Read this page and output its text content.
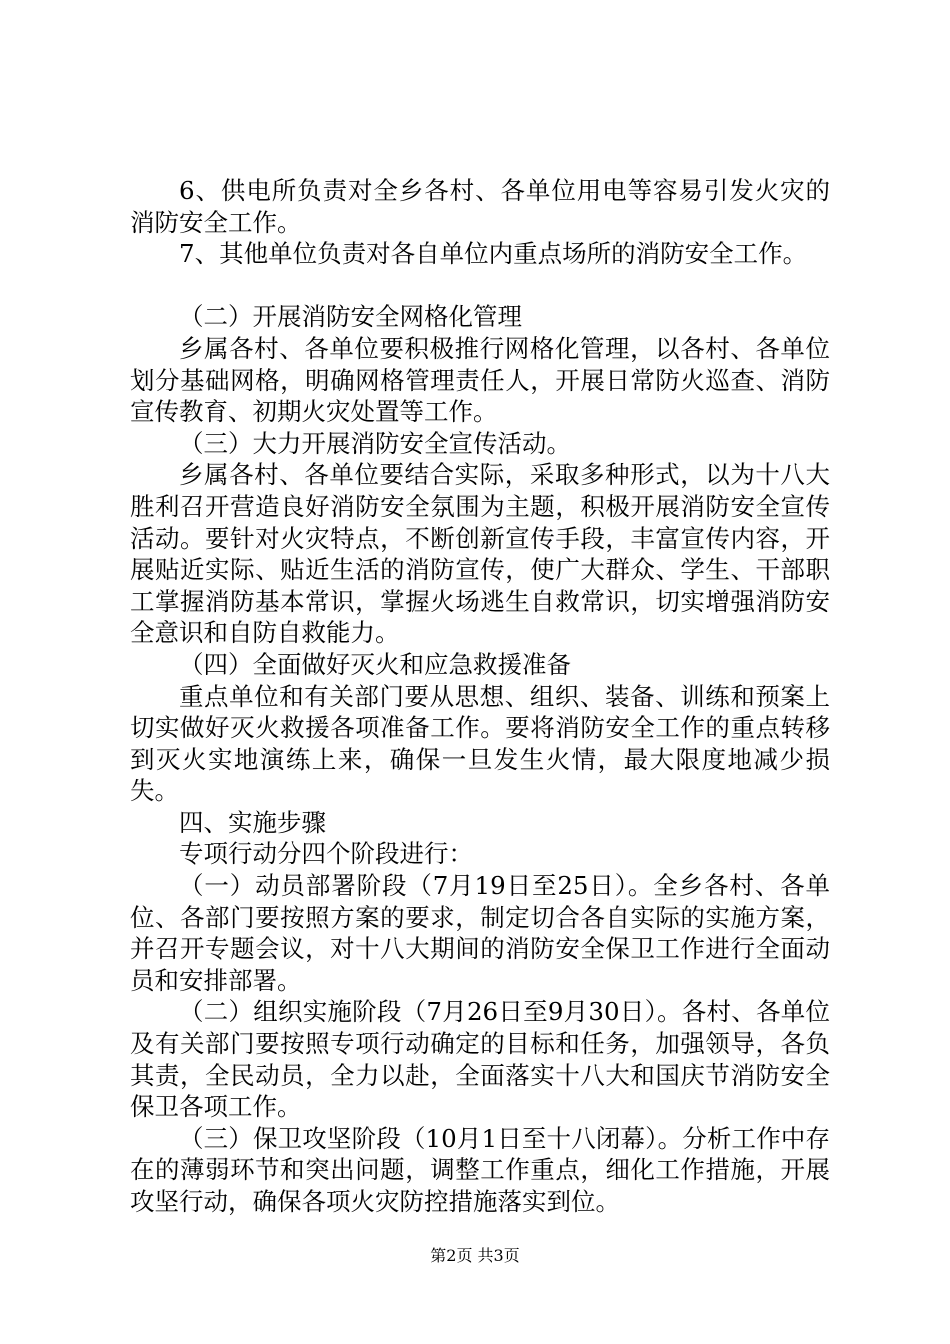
6、供电所负责对全乡各村、各单位用电等容易引发火灾的消防安全工作。

7、其他单位负责对各自单位内重点场所的消防安全工作。

（二）开展消防安全网格化管理

乡属各村、各单位要积极推行网格化管理，以各村、各单位划分基础网格，明确网格管理责任人，开展日常防火巡查、消防宣传教育、初期火灾处置等工作。

（三）大力开展消防安全宣传活动。

乡属各村、各单位要结合实际，采取多种形式，以为十八大胜利召开营造良好消防安全氛围为主题，积极开展消防安全宣传活动。要针对火灾特点，不断创新宣传手段，丰富宣传内容，开展贴近实际、贴近生活的消防宣传，使广大群众、学生、干部职工掌握消防基本常识，掌握火场逃生自救常识，切实增强消防安全意识和自防自救能力。

（四）全面做好灭火和应急救援准备

重点单位和有关部门要从思想、组织、装备、训练和预案上切实做好灭火救援各项准备工作。要将消防安全工作的重点转移到灭火实地演练上来，确保一旦发生火情，最大限度地减少损失。

四、实施步骤

专项行动分四个阶段进行：

（一）动员部署阶段（7月19日至25日）。全乡各村、各单位、各部门要按照方案的要求，制定切合各自实际的实施方案，并召开专题会议，对十八大期间的消防安全保卫工作进行全面动员和安排部署。

（二）组织实施阶段（7月26日至9月30日）。各村、各单位及有关部门要按照专项行动确定的目标和任务，加强领导，各负其责，全民动员，全力以赴，全面落实十八大和国庆节消防安全保卫各项工作。

（三）保卫攻坚阶段（10月1日至十八闭幕）。分析工作中存在的薄弱环节和突出问题，调整工作重点，细化工作措施，开展攻坚行动，确保各项火灾防控措施落实到位。

第2页 共3页
